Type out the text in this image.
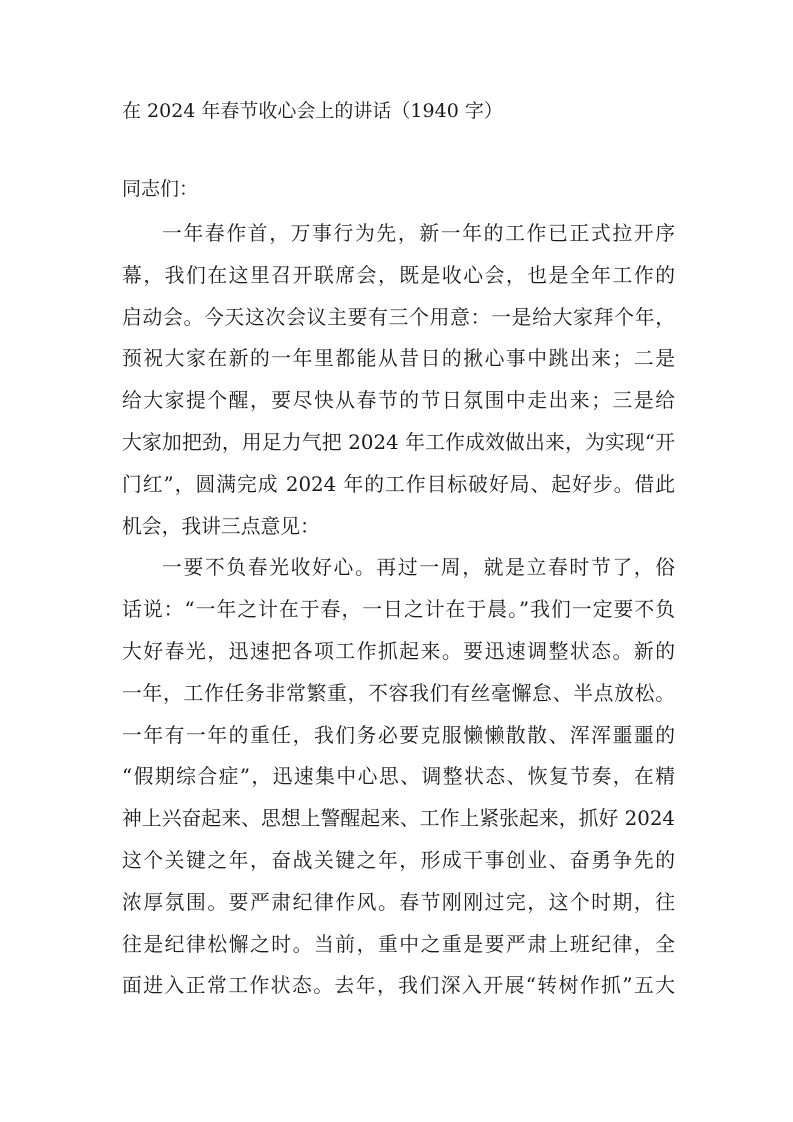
在 2024 年春节收心会上的讲话（1940 字）
同志们：
一年春作首，万事行为先，新一年的工作已正式拉开序
幕，我们在这里召开联席会，既是收心会，也是全年工作的
启动会。今天这次会议主要有三个用意：一是给大家拜个年，
预祝大家在新的一年里都能从昔日的揪心事中跳出来；二是
给大家提个醒，要尽快从春节的节日氛围中走出来；三是给
大家加把劲，用足力气把 2024 年工作成效做出来，为实现“开
门红”，圆满完成 2024 年的工作目标破好局、起好步。借此
机会，我讲三点意见：
一要不负春光收好心。再过一周，就是立春时节了，俗
话说：“一年之计在于春，一日之计在于晨。”我们一定要不负
大好春光，迅速把各项工作抓起来。要迅速调整状态。新的
一年，工作任务非常繁重，不容我们有丝毫懈怠、半点放松。
一年有一年的重任，我们务必要克服懒懒散散、浑浑噩噩的
“假期综合症”，迅速集中心思、调整状态、恢复节奏，在精
神上兴奋起来、思想上警醒起来、工作上紧张起来，抓好 2024
这个关键之年，奋战关键之年，形成干事创业、奋勇争先的
浓厚氛围。要严肃纪律作风。春节刚刚过完，这个时期，往
往是纪律松懈之时。当前，重中之重是要严肃上班纪律，全
面进入正常工作状态。去年，我们深入开展“转树作抓”五大
